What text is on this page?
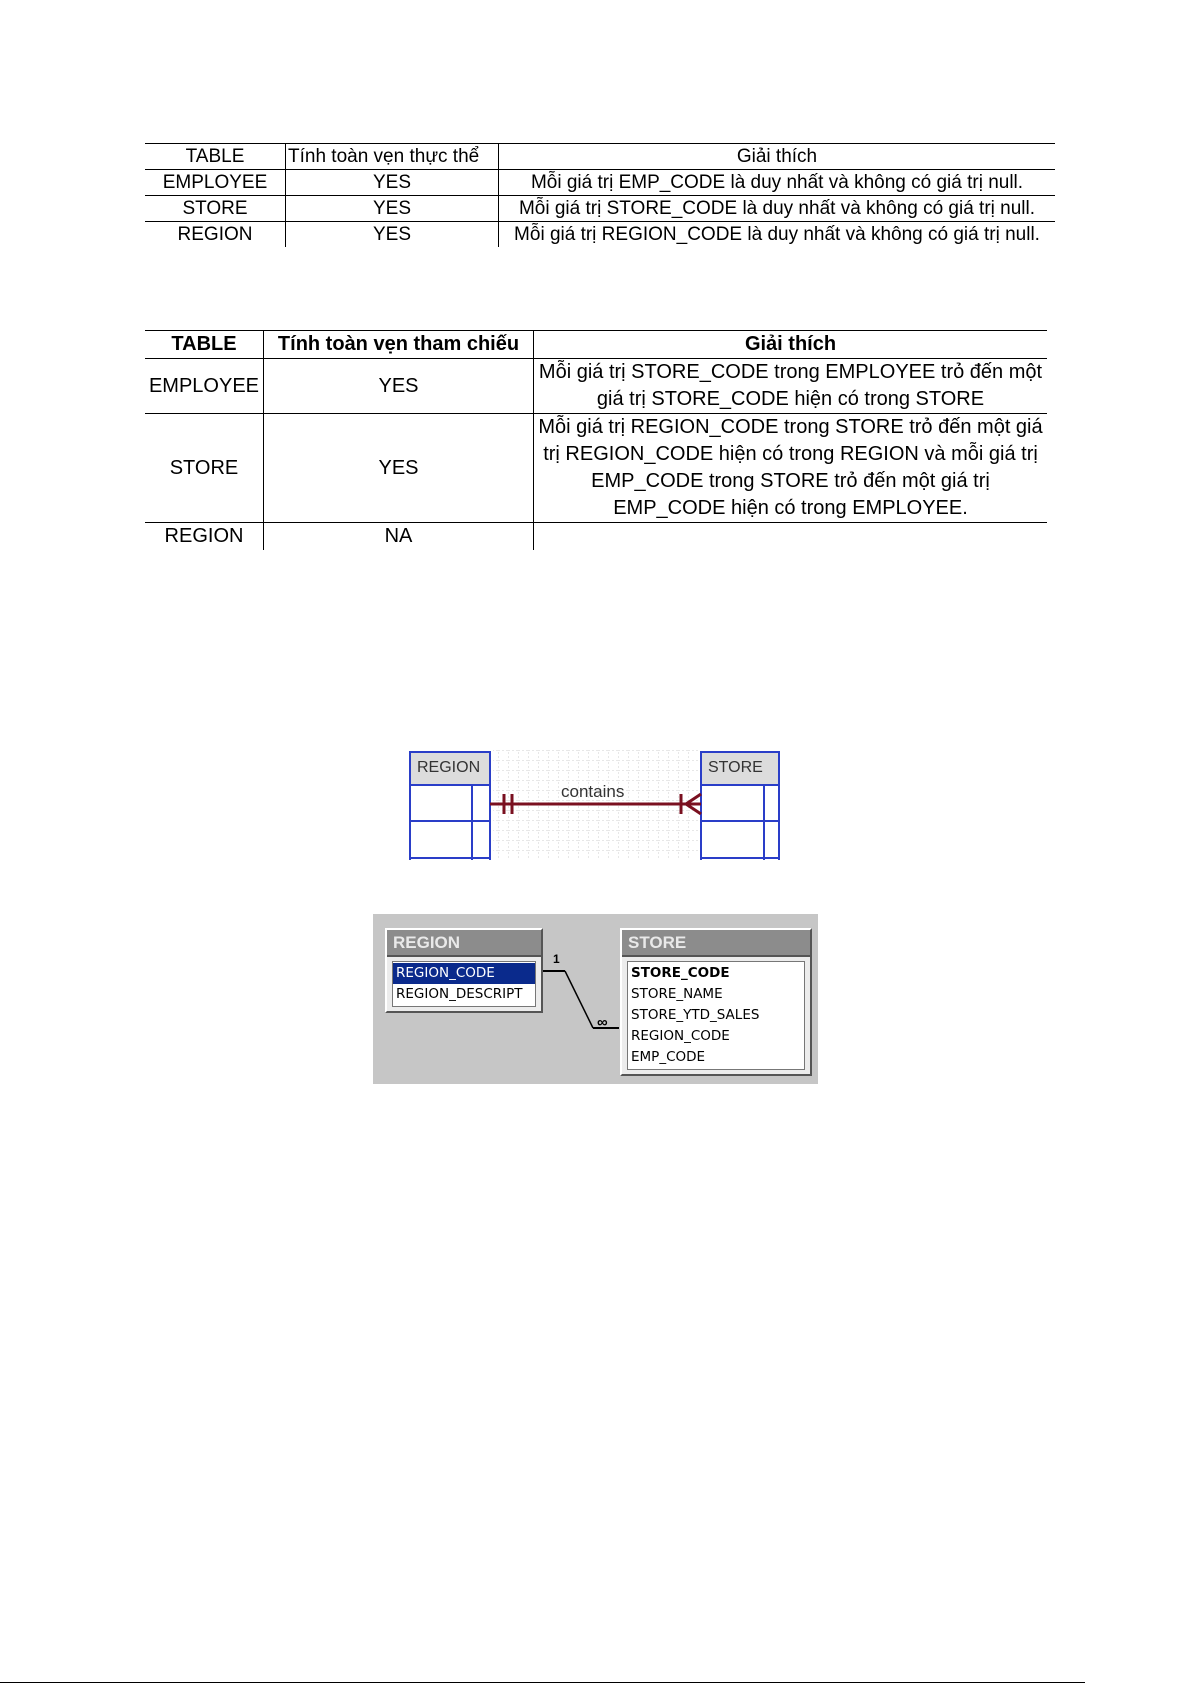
TABLE	Tính toàn vẹn thực thể	Giải thích
EMPLOYEE	YES	Mỗi giá trị EMP_CODE là duy nhất và không có giá trị null.
STORE	YES	Mỗi giá trị STORE_CODE là duy nhất và không có giá trị null.
REGION	YES	Mỗi giá trị REGION_CODE là duy nhất và không có giá trị null.
TABLE	Tính toàn vẹn tham chiếu	Giải thích
EMPLOYEE	YES	Mỗi giá trị STORE_CODE trong EMPLOYEE trỏ đến một giá trị STORE_CODE hiện có trong STORE
STORE	YES	Mỗi giá trị REGION_CODE trong STORE trỏ đến một giá trị REGION_CODE hiện có trong REGION và mỗi giá trị EMP_CODE trong STORE trỏ đến một giá trị EMP_CODE hiện có trong EMPLOYEE.
REGION	NA	
REGION	STORE
contains
1
∞
REGION
REGION_CODE
REGION_DESCRIPT
STORE
STORE_CODE
STORE_NAME
STORE_YTD_SALES
REGION_CODE
EMP_CODE
